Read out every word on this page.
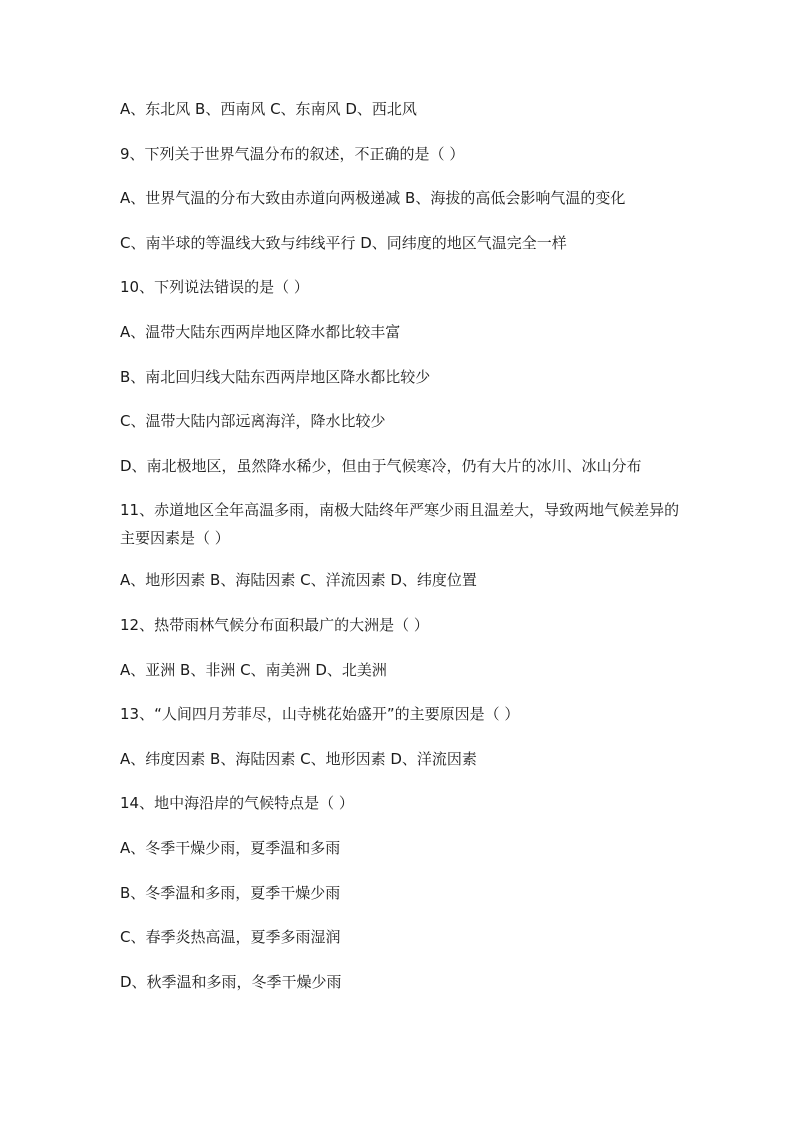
A、东北风 B、西南风 C、东南风 D、西北风
9、下列关于世界气温分布的叙述，不正确的是（ ）
A、世界气温的分布大致由赤道向两极递减 B、海拔的高低会影响气温的变化
C、南半球的等温线大致与纬线平行 D、同纬度的地区气温完全一样
10、下列说法错误的是（ ）
A、温带大陆东西两岸地区降水都比较丰富
B、南北回归线大陆东西两岸地区降水都比较少
C、温带大陆内部远离海洋，降水比较少
D、南北极地区，虽然降水稀少，但由于气候寒冷，仍有大片的冰川、冰山分布
11、赤道地区全年高温多雨，南极大陆终年严寒少雨且温差大，导致两地气候差异的主要因素是（ ）
A、地形因素 B、海陆因素 C、洋流因素 D、纬度位置
12、热带雨林气候分布面积最广的大洲是（ ）
A、亚洲 B、非洲 C、南美洲 D、北美洲
13、“人间四月芳菲尽，山寺桃花始盛开”的主要原因是（ ）
A、纬度因素 B、海陆因素 C、地形因素 D、洋流因素
14、地中海沿岸的气候特点是（ ）
A、冬季干燥少雨，夏季温和多雨
B、冬季温和多雨，夏季干燥少雨
C、春季炎热高温，夏季多雨湿润
D、秋季温和多雨，冬季干燥少雨
